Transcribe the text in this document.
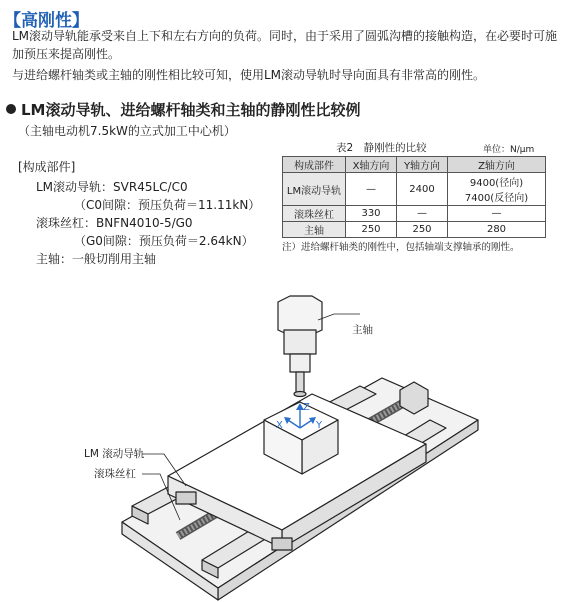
【高刚性】
LM滚动导轨能承受来自上下和左右方向的负荷。同时，由于采用了圆弧沟槽的接触构造，在必要时可施
加预压来提高刚性。
与进给螺杆轴类或主轴的刚性相比较可知，使用LM滚动导轨时导向面具有非常高的刚性。
LM滚动导轨、进给螺杆轴类和主轴的静刚性比较例
（主轴电动机7.5kW的立式加工中心机）
[构成部件]
LM滚动导轨：SVR45LC/C0
（C0间隙：预压负荷＝11.11kN）
滚珠丝杠：BNFN4010-5/G0
（G0间隙：预压负荷＝2.64kN）
主轴：一般切削用主轴
表2　静刚性的比较	单位：N/μm
构成部件	X轴方向	Y轴方向	Z轴方向
LM滚动导轨	—	2400	9400(径向)
7400(反径向)

滚珠丝杠	330	—	—
主轴	250	250	280
注）进给螺杆轴类的刚性中，包括轴端支撑轴承的刚性。
主轴
LM 滚动导轨
滚珠丝杠
Z
X	Y
